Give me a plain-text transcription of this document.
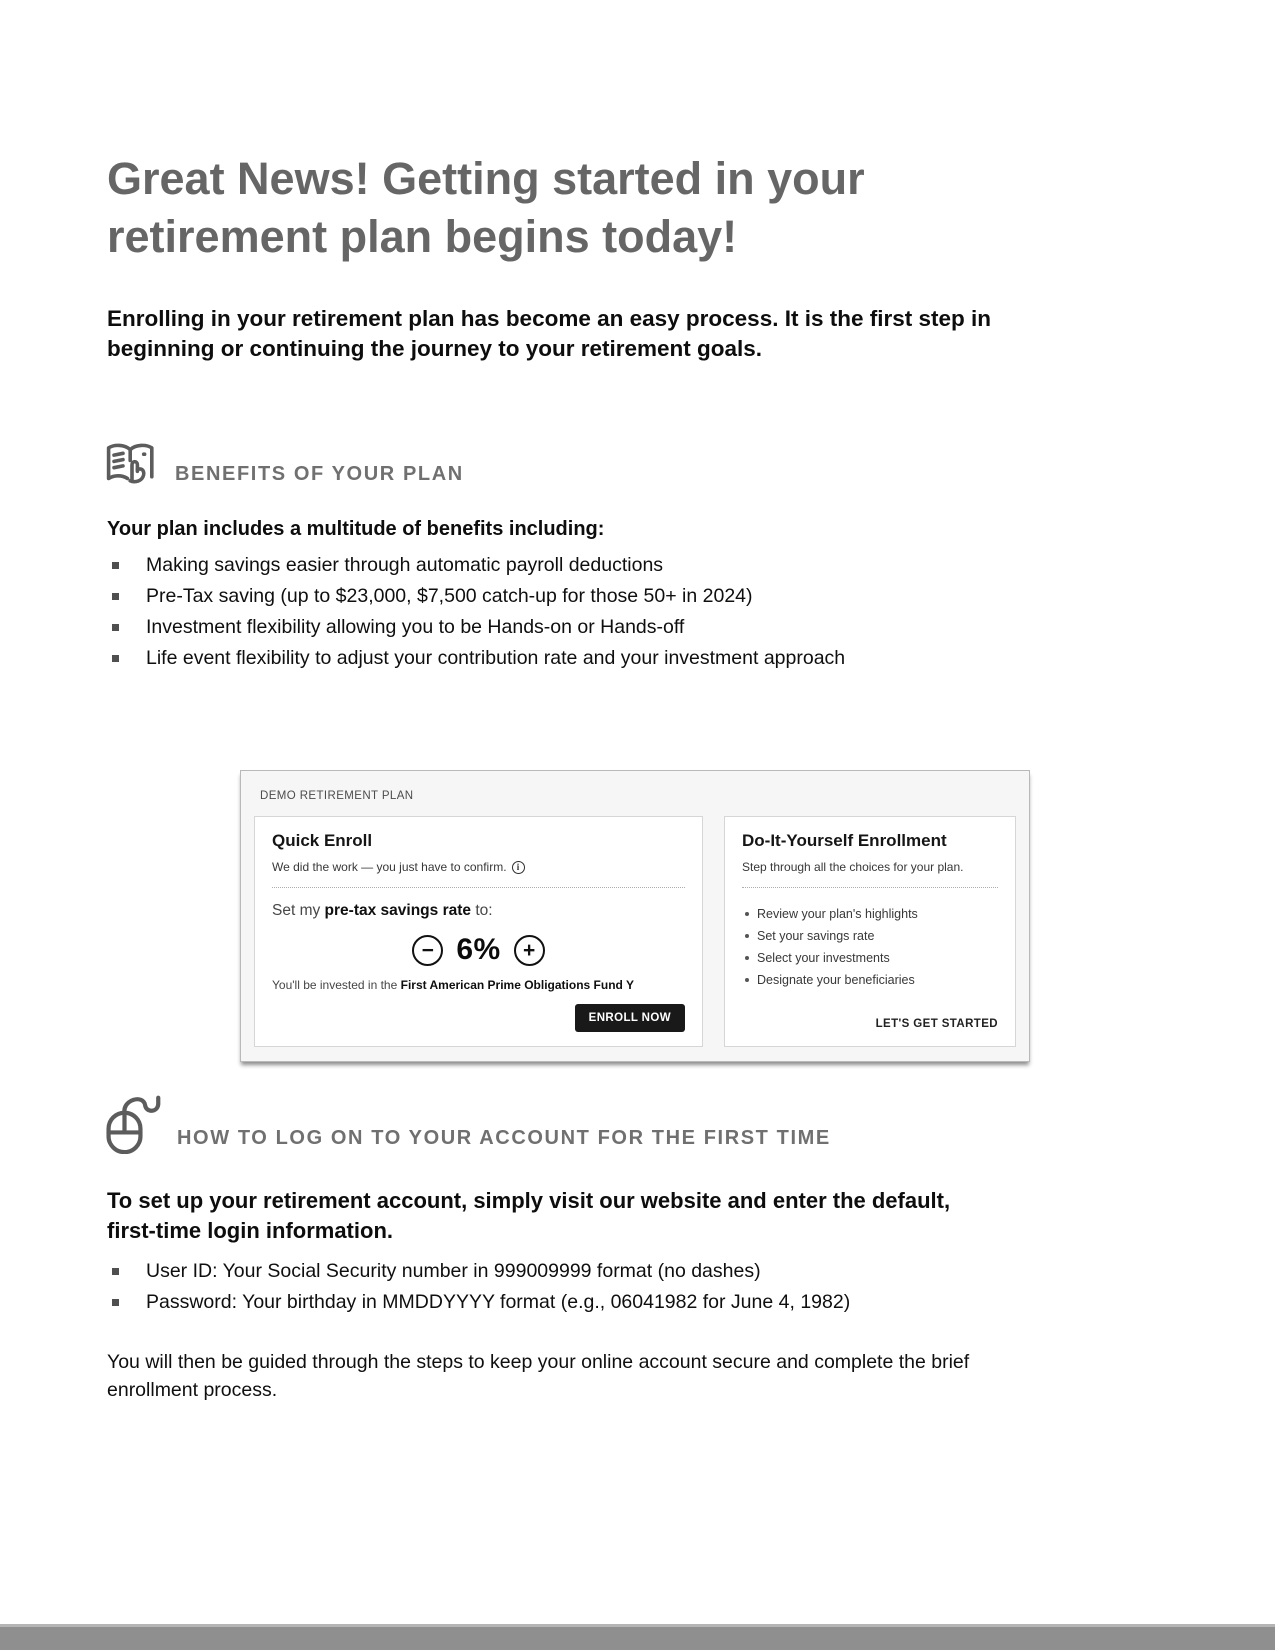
Great News! Getting started in your
retirement plan begins today!

Enrolling in your retirement plan has become an easy process. It is the first step in
beginning or continuing the journey to your retirement goals.

BENEFITS OF YOUR PLAN

Your plan includes a multitude of benefits including:

Making savings easier through automatic payroll deductions
Pre-Tax saving (up to $23,000, $7,500 catch-up for those 50+ in 2024)
Investment flexibility allowing you to be Hands-on or Hands-off
Life event flexibility to adjust your contribution rate and your investment approach
DEMO RETIREMENT PLAN
Quick Enroll
We did the work — you just have to confirm.	i
Set my pre-tax savings rate to:
− 6%	+
You'll be invested in the First American Prime Obligations Fund Y
ENROLL NOW
Do-It-Yourself Enrollment
Step through all the choices for your plan.
Review your plan's highlights
Set your savings rate
Select your investments
Designate your beneficiaries
LET'S GET STARTED
HOW TO LOG ON TO YOUR ACCOUNT FOR THE FIRST TIME

To set up your retirement account, simply visit our website and enter the default,
first-time login information.

User ID: Your Social Security number in 999009999 format (no dashes)
Password: Your birthday in MMDDYYYY format (e.g., 06041982 for June 4, 1982)

You will then be guided through the steps to keep your online account secure and complete the brief
enrollment process.
